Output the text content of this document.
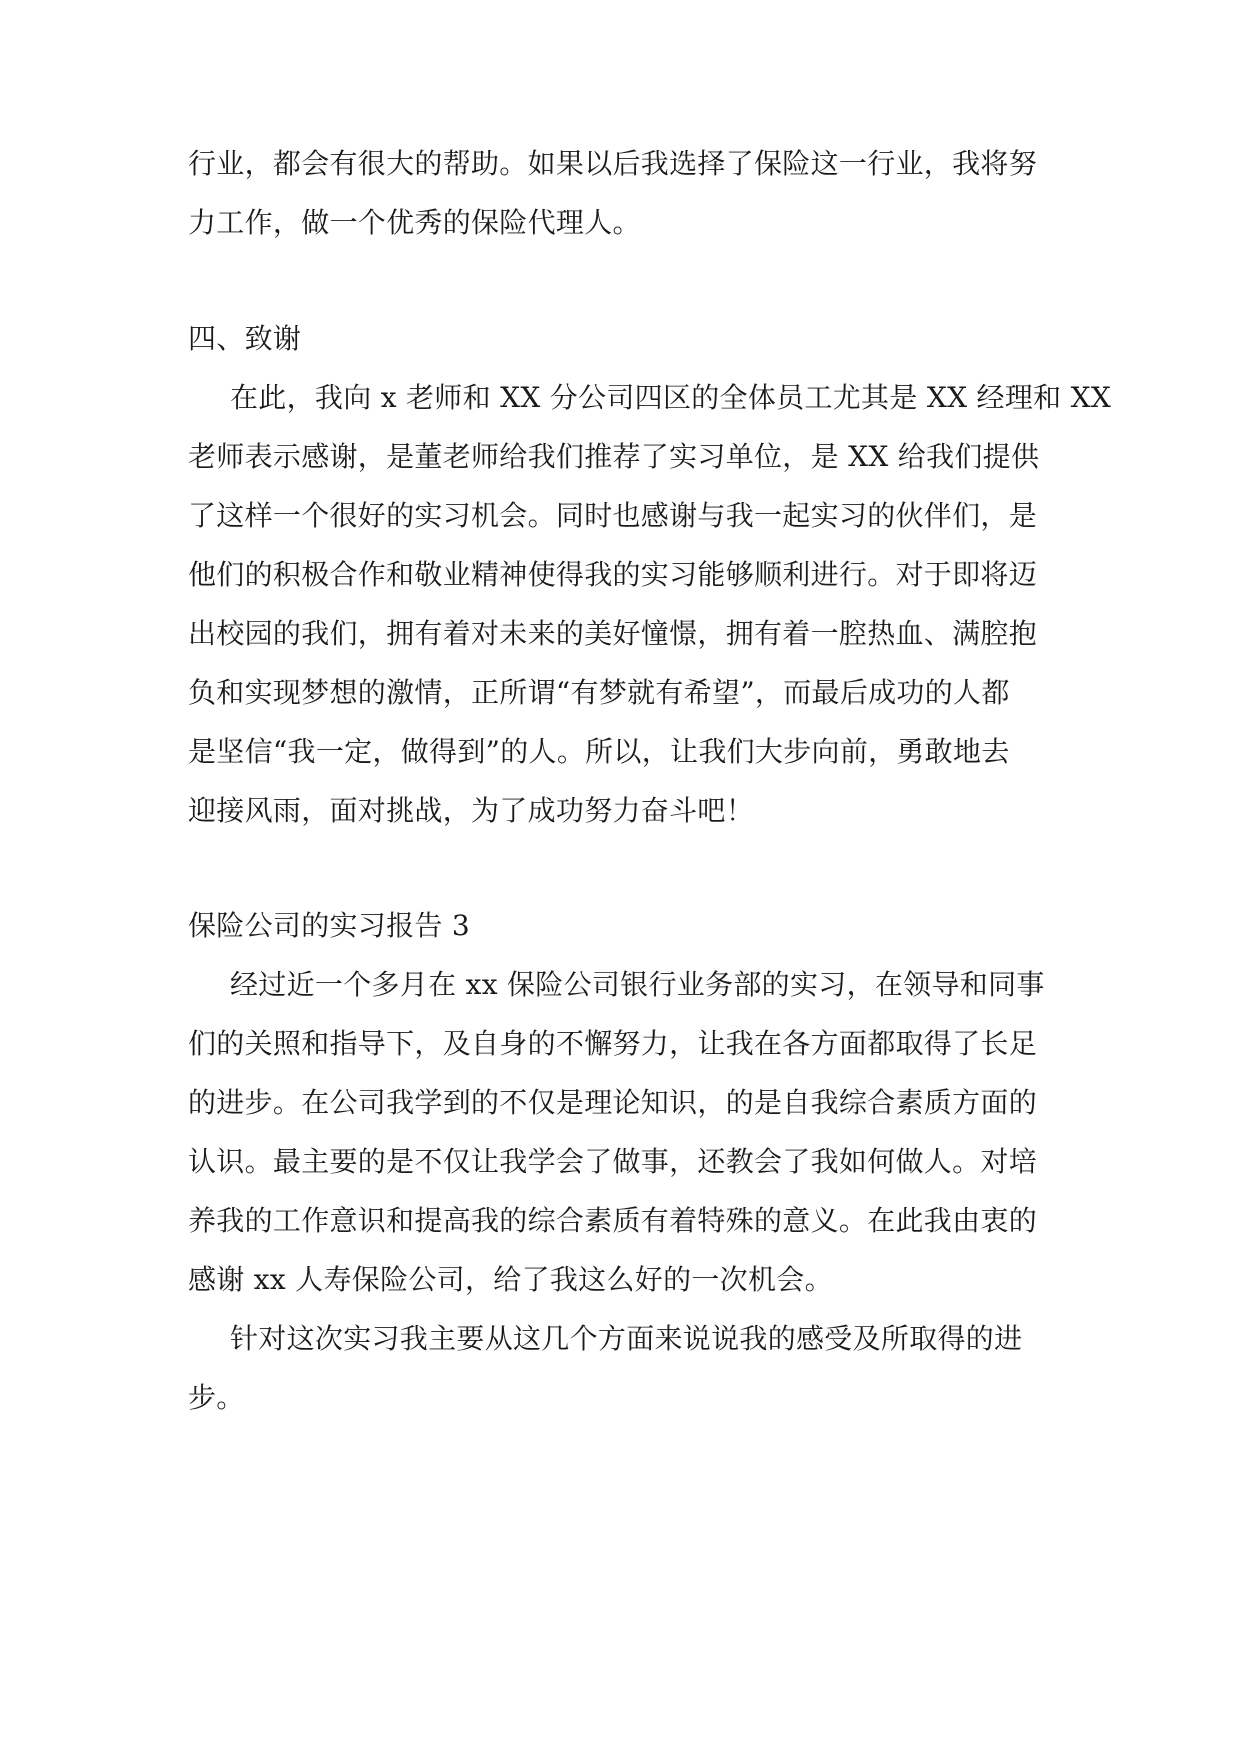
行业，都会有很大的帮助。如果以后我选择了保险这一行业，我将努
力工作，做一个优秀的保险代理人。
四、致谢
在此，我向 x 老师和 XX 分公司四区的全体员工尤其是 XX 经理和 XX
老师表示感谢，是董老师给我们推荐了实习单位，是 XX 给我们提供
了这样一个很好的实习机会。同时也感谢与我一起实习的伙伴们，是
他们的积极合作和敬业精神使得我的实习能够顺利进行。对于即将迈
出校园的我们，拥有着对未来的美好憧憬，拥有着一腔热血、满腔抱
负和实现梦想的激情，正所谓“有梦就有希望”，而最后成功的人都
是坚信“我一定，做得到”的人。所以，让我们大步向前，勇敢地去
迎接风雨，面对挑战，为了成功努力奋斗吧！
保险公司的实习报告 3
经过近一个多月在 xx 保险公司银行业务部的实习，在领导和同事
们的关照和指导下，及自身的不懈努力，让我在各方面都取得了长足
的进步。在公司我学到的不仅是理论知识，的是自我综合素质方面的
认识。最主要的是不仅让我学会了做事，还教会了我如何做人。对培
养我的工作意识和提高我的综合素质有着特殊的意义。在此我由衷的
感谢 xx 人寿保险公司，给了我这么好的一次机会。
针对这次实习我主要从这几个方面来说说我的感受及所取得的进
步。
